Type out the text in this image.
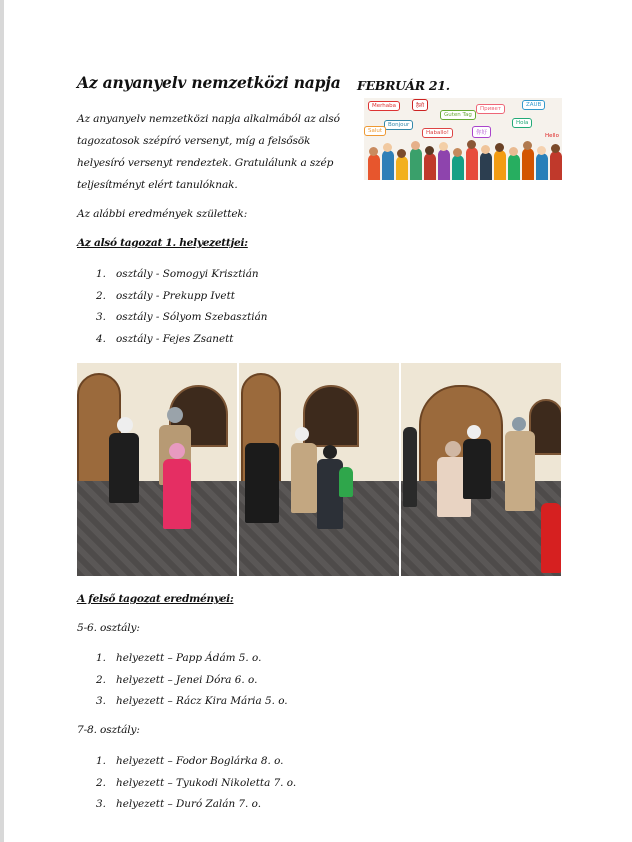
Az anyanyelv nemzetközi napja FEBRUÁR 21.
Merhaba	हैलो	Привет
ZAUB
Bonjour
Haballo!
Guten Tag
Hola
Salut	你好	Hello

Az anyanyelv nemzetközi napja alkalmából az alsó tagozatosok szépíró versenyt, míg a felsősök helyesíró versenyt rendeztek. Gratulálunk a szép teljesítményt elért tanulóknak.

Az alábbi eredmények születtek:

Az alsó tagozat 1. helyezettjei:
1. osztály - Somogyi Krisztián
2. osztály - Prekupp Ivett
3. osztály - Sólyom Szebasztián
4. osztály - Fejes Zsanett
A felső tagozat eredményei:

5-6. osztály:

1. helyezett – Papp Ádám 5. o.
2. helyezett – Jenei Dóra 6. o.
3. helyezett – Rácz Kira Mária 5. o.

7-8. osztály:

1. helyezett – Fodor Boglárka 8. o.
2. helyezett – Tyukodi Nikoletta 7. o.
3. helyezett – Duró Zalán 7. o.
